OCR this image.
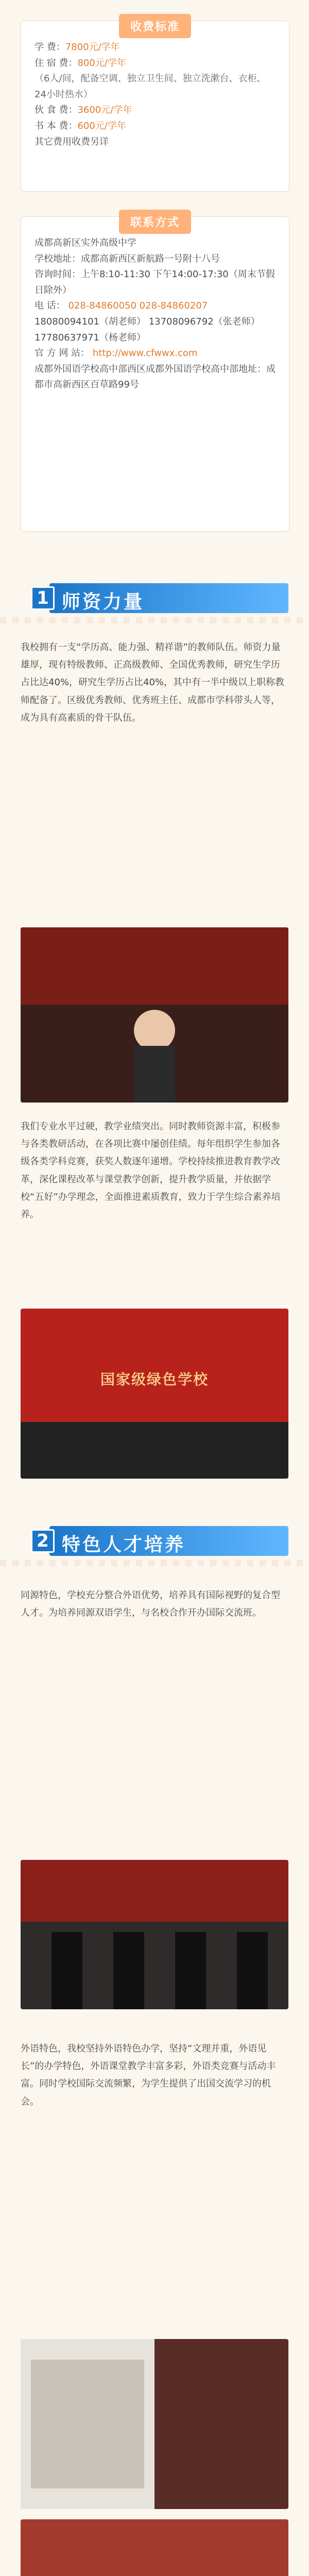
收费标准
学 费：7800元/学年
住 宿 费：800元/学年
（6人/间，配备空调、独立卫生间、独立洗漱台、衣柜、24小时热水）
伙 食 费：3600元/学年
书 本 费：600元/学年
其它费用收费另详
联系方式
成都高新区实外高级中学
学校地址：成都高新西区新航路一号附十八号
咨询时间：上午8:10-11:30 下午14:00-17:30（周末节假日除外）
电 话： 028-84860050 028-84860207
18080094101（胡老师） 13708096792（张老师） 17780637971（杨老师）
官 方 网 站： http://www.cfwwx.com
成都外国语学校高中部西区成都外国语学校高中部地址：成都市高新西区百草路99号
1 师资力量
我校拥有一支“学历高、能力强、精祥谐”的教师队伍。师资力量雄厚，现有特级教师、正高级教师、全国优秀教师，研究生学历占比达40%，研究生学历占比40%，其中有一半中级以上职称教师配备了。区级优秀教师、优秀班主任、成都市学科带头人等，成为具有高素质的骨干队伍。
我们专业水平过硬，教学业绩突出。同时教师资源丰富，积极参与各类教研活动，在各项比赛中屡创佳绩。每年组织学生参加各级各类学科竞赛，获奖人数逐年递增。学校持续推进教育教学改革，深化课程改革与课堂教学创新，提升教学质量，并依据学校“五好”办学理念，全面推进素质教育，致力于学生综合素养培养。
国家级绿色学校
2 特色人才培养
同源特色，学校充分整合外语优势，培养具有国际视野的复合型人才。为培养同源双语学生，与名校合作开办国际交流班。
外语特色，我校坚持外语特色办学，坚持“文理并重，外语见长”的办学特色，外语课堂教学丰富多彩，外语类竞赛与活动丰富。同时学校国际交流频繁，为学生提供了出国交流学习的机会。
